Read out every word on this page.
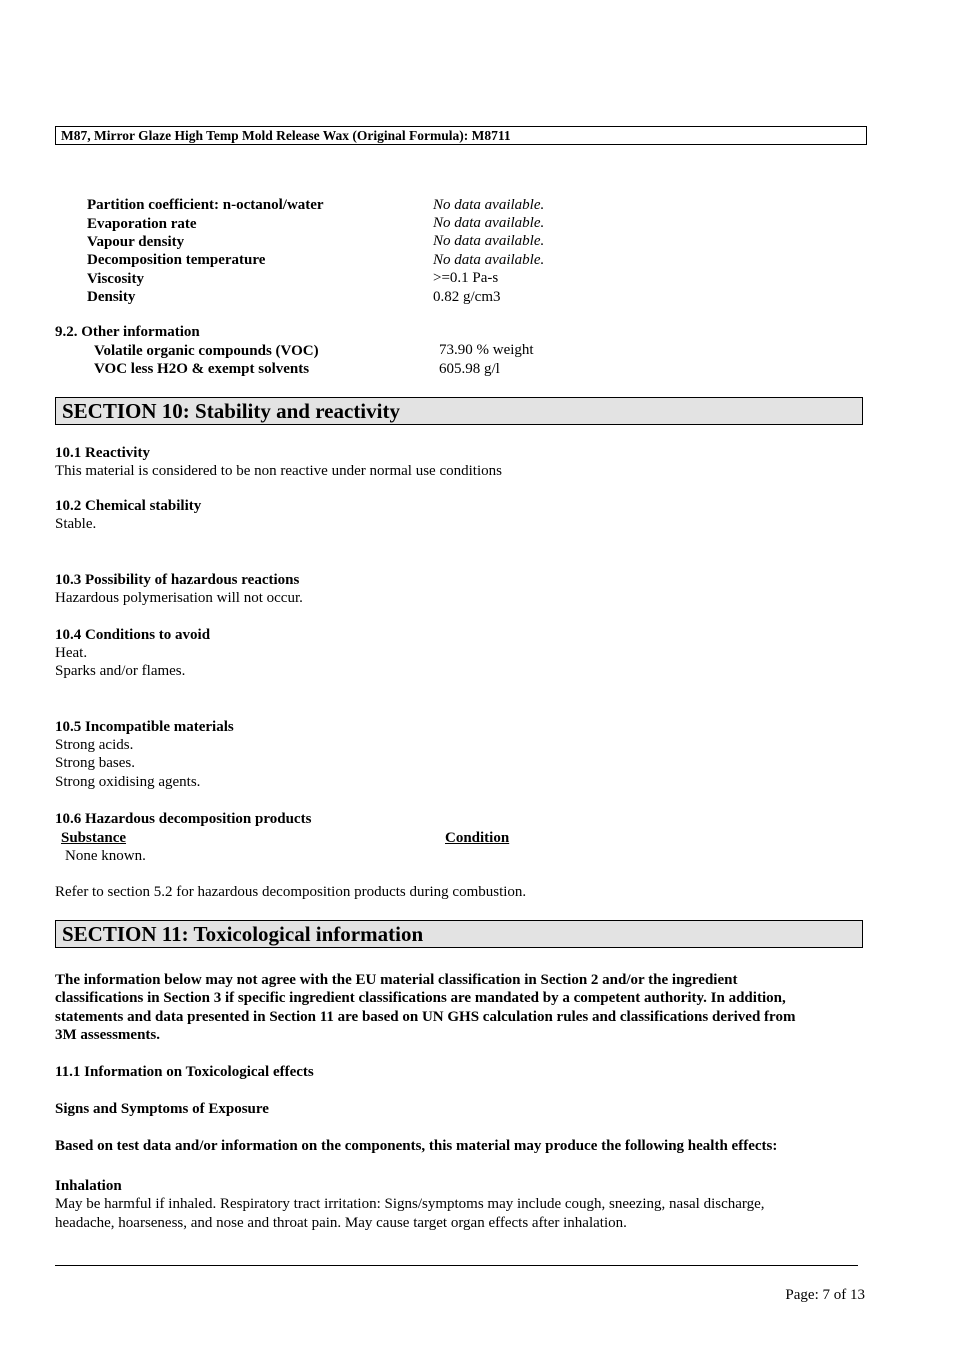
M87, Mirror Glaze High Temp Mold Release Wax (Original Formula): M8711
Partition coefficient: n-octanol/water	No data available.
Evaporation rate	No data available.
Vapour density	No data available.
Decomposition temperature	No data available.
Viscosity	>=0.1 Pa-s
Density	0.82 g/cm3
9.2. Other information
Volatile organic compounds (VOC)	73.90 % weight
VOC less H2O & exempt solvents	605.98 g/l
SECTION 10: Stability and reactivity
10.1 Reactivity
This material is considered to be non reactive under normal use conditions
10.2 Chemical stability
Stable.
10.3 Possibility of hazardous reactions
Hazardous polymerisation will not occur.
10.4 Conditions to avoid
Heat.
Sparks and/or flames.
10.5 Incompatible materials
Strong acids.
Strong bases.
Strong oxidising agents.
10.6 Hazardous decomposition products
Substance	Condition
None known.
Refer to section 5.2 for hazardous decomposition products during combustion.
SECTION 11: Toxicological information
The information below may not agree with the EU material classification in Section 2 and/or the ingredient
classifications in Section 3 if specific ingredient classifications are mandated by a competent authority. In addition,
statements and data presented in Section 11 are based on UN GHS calculation rules and classifications derived from
3M assessments.
11.1 Information on Toxicological effects
Signs and Symptoms of Exposure
Based on test data and/or information on the components, this material may produce the following health effects:
Inhalation
May be harmful if inhaled. Respiratory tract irritation: Signs/symptoms may include cough, sneezing, nasal discharge,
headache, hoarseness, and nose and throat pain. May cause target organ effects after inhalation.
Page: 7 of 13
